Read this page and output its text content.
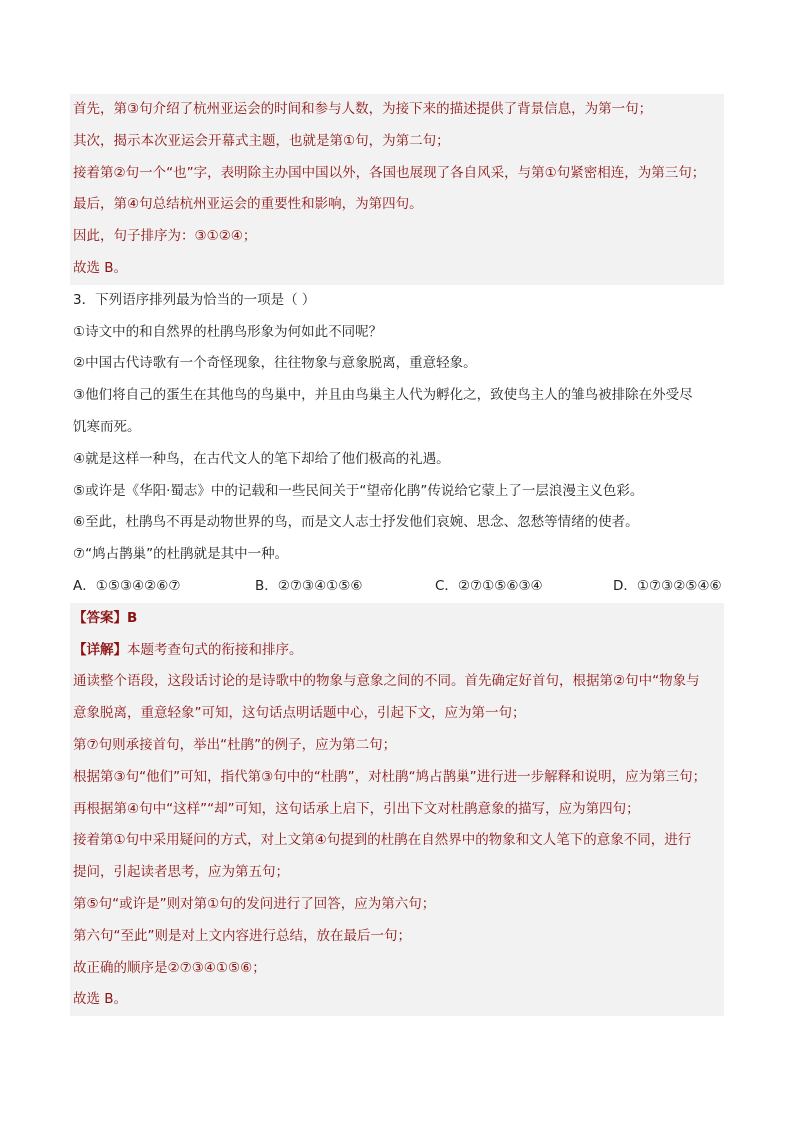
首先，第③句介绍了杭州亚运会的时间和参与人数，为接下来的描述提供了背景信息，为第一句；
其次，揭示本次亚运会开幕式主题，也就是第①句，为第二句；
接着第②句一个“也”字，表明除主办国中国以外，各国也展现了各自风采，与第①句紧密相连，为第三句；
最后，第④句总结杭州亚运会的重要性和影响，为第四句。
因此，句子排序为：③①②④；
故选 B。
3．下列语序排列最为恰当的一项是（ ）
①诗文中的和自然界的杜鹃鸟形象为何如此不同呢？
②中国古代诗歌有一个奇怪现象，往往物象与意象脱离，重意轻象。
③他们将自己的蛋生在其他鸟的鸟巢中，并且由鸟巢主人代为孵化之，致使鸟主人的雏鸟被排除在外受尽
饥寒而死。
④就是这样一种鸟，在古代文人的笔下却给了他们极高的礼遇。
⑤或许是《华阳·蜀志》中的记载和一些民间关于“望帝化鹃”传说给它蒙上了一层浪漫主义色彩。
⑥至此，杜鹃鸟不再是动物世界的鸟，而是文人志士抒发他们哀婉、思念、忽愁等情绪的使者。
⑦“鸠占鹊巢”的杜鹃就是其中一种。
A．①⑤③④②⑥⑦	B．②⑦③④①⑤⑥	C．②⑦①⑤⑥③④	D．①⑦③②⑤④⑥
【答案】B
【详解】本题考查句式的衔接和排序。
通读整个语段，这段话讨论的是诗歌中的物象与意象之间的不同。首先确定好首句，根据第②句中“物象与
意象脱离，重意轻象”可知，这句话点明话题中心，引起下文，应为第一句；
第⑦句则承接首句，举出“杜鹃”的例子，应为第二句；
根据第③句“他们”可知，指代第③句中的“杜鹃”，对杜鹃“鸠占鹊巢”进行进一步解释和说明，应为第三句；
再根据第④句中“这样”“却”可知，这句话承上启下，引出下文对杜鹃意象的描写，应为第四句；
接着第①句中采用疑问的方式，对上文第④句提到的杜鹃在自然界中的物象和文人笔下的意象不同，进行
提问，引起读者思考，应为第五句；
第⑤句“或许是”则对第①句的发问进行了回答，应为第六句；
第六句“至此”则是对上文内容进行总结，放在最后一句；
故正确的顺序是②⑦③④①⑤⑥；
故选 B。
